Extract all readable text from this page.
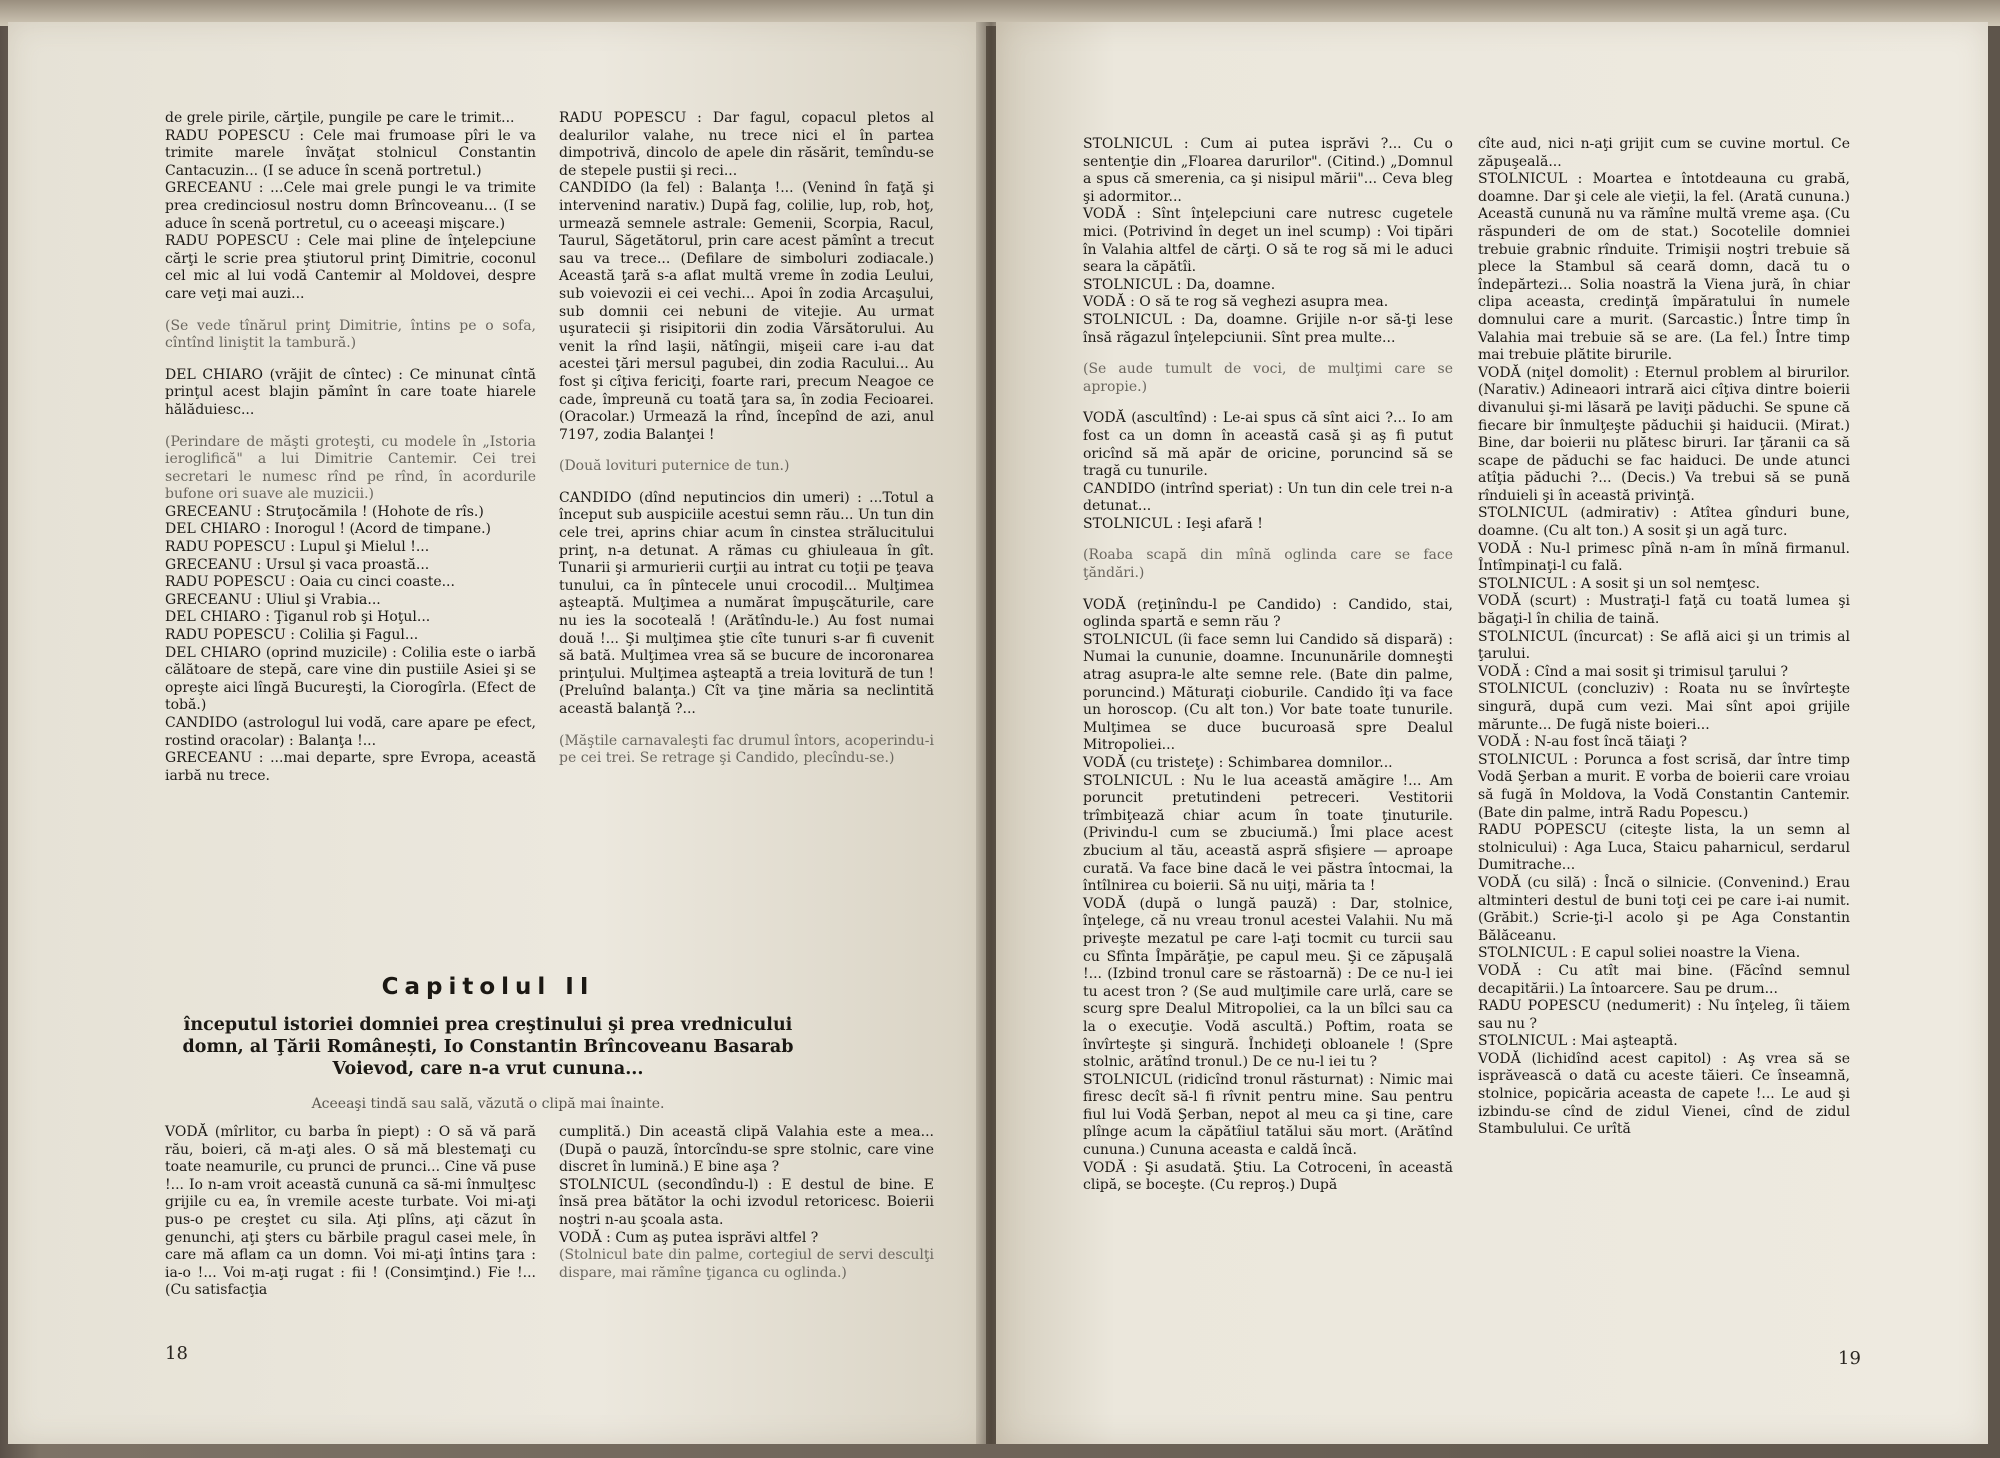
de grele pirile, cărţile, pungile pe care le trimit...

RADU POPESCU : Cele mai frumoase pîri le va trimite marele învăţat stolnicul Constantin Cantacuzin... (I se aduce în scenă portretul.)

GRECEANU : ...Cele mai grele pungi le va trimite prea credinciosul nostru domn Brîncoveanu... (I se aduce în scenă portretul, cu o aceeaşi mişcare.)

RADU POPESCU : Cele mai pline de înţelepciune cărţi le scrie prea ştiutorul prinţ Dimitrie, coconul cel mic al lui vodă Cantemir al Moldovei, despre care veţi mai auzi...

(Se vede tînărul prinţ Dimitrie, întins pe o sofa, cîntînd liniştit la tambură.)

DEL CHIARO (vrăjit de cîntec) : Ce minunat cîntă prinţul acest blajin pămînt în care toate hiarele hălăduiesc...

(Perindare de măşti groteşti, cu modele în „Istoria ieroglifică" a lui Dimitrie Cantemir. Cei trei secretari le numesc rînd pe rînd, în acordurile bufone ori suave ale muzicii.)

GRECEANU : Struţocămila ! (Hohote de rîs.)

DEL CHIARO : Inorogul ! (Acord de timpane.)

RADU POPESCU : Lupul şi Mielul !...

GRECEANU : Ursul şi vaca proastă...

RADU POPESCU : Oaia cu cinci coaste...

GRECEANU : Uliul şi Vrabia...

DEL CHIARO : Ţiganul rob şi Hoţul...

RADU POPESCU : Colilia şi Fagul...

DEL CHIARO (oprind muzicile) : Colilia este o iarbă călătoare de stepă, care vine din pustiile Asiei şi se opreşte aici lîngă Bucureşti, la Ciorogîrla. (Efect de tobă.)

CANDIDO (astrologul lui vodă, care apare pe efect, rostind oracolar) : Balanţa !...

GRECEANU : ...mai departe, spre Evropa, această iarbă nu trece.

RADU POPESCU : Dar fagul, copacul pletos al dealurilor valahe, nu trece nici el în partea dimpotrivă, dincolo de apele din răsărit, temîndu-se de stepele pustii şi reci...

CANDIDO (la fel) : Balanţa !... (Venind în faţă şi intervenind narativ.) După fag, colilie, lup, rob, hoţ, urmează semnele astrale: Gemenii, Scorpia, Racul, Taurul, Săgetătorul, prin care acest pămînt a trecut sau va trece... (Defilare de simboluri zodiacale.) Această ţară s-a aflat multă vreme în zodia Leului, sub voievozii ei cei vechi... Apoi în zodia Arcaşului, sub domnii cei nebuni de vitejie. Au urmat uşuratecii şi risipitorii din zodia Vărsătorului. Au venit la rînd laşii, nătîngii, mişeii care i-au dat acestei ţări mersul pagubei, din zodia Racului... Au fost şi cîţiva fericiţi, foarte rari, precum Neagoe ce cade, împreună cu toată ţara sa, în zodia Fecioarei. (Oracolar.) Urmează la rînd, începînd de azi, anul 7197, zodia Balanţei !

(Două lovituri puternice de tun.)

CANDIDO (dînd neputincios din umeri) : ...Totul a început sub auspiciile acestui semn rău... Un tun din cele trei, aprins chiar acum în cinstea strălucitului prinţ, n-a detunat. A rămas cu ghiuleaua în gît. Tunarii şi armurierii curţii au intrat cu toţii pe ţeava tunului, ca în pîntecele unui crocodil... Mulţimea aşteaptă. Mulţimea a numărat împuşcăturile, care nu ies la socoteală ! (Arătîndu-le.) Au fost numai două !... Şi mulţimea ştie cîte tunuri s-ar fi cuvenit să bată. Mulţimea vrea să se bucure de incoronarea prinţului. Mulţimea aşteaptă a treia lovitură de tun ! (Preluînd balanţa.) Cît va ţine măria sa neclintită această balanţă ?...

(Măştile carnavaleşti fac drumul întors, acoperindu-i pe cei trei. Se retrage şi Candido, plecîndu-se.)

Capitolul II
începutul istoriei domniei prea creştinului şi prea vrednicului domn, al Ţării Românești, Io Constantin Brîncoveanu Basarab Voievod, care n-a vrut cununa...
Aceeaşi tindă sau sală, văzută o clipă mai înainte.

VODĂ (mîrlitor, cu barba în piept) : O să vă pară rău, boieri, că m-aţi ales. O să mă blestemaţi cu toate neamurile, cu prunci de prunci... Cine vă puse !... Io n-am vroit această cunună ca să-mi înmulţesc grijile cu ea, în vremile aceste turbate. Voi mi-aţi pus-o pe creştet cu sila. Aţi plîns, aţi căzut în genunchi, aţi şters cu bărbile pragul casei mele, în care mă aflam ca un domn. Voi mi-aţi întins ţara : ia-o !... Voi m-aţi rugat : fii ! (Consimţind.) Fie !... (Cu satisfacţia

cumplită.) Din această clipă Valahia este a mea... (După o pauză, întorcîndu-se spre stolnic, care vine discret în lumină.) E bine aşa ?

STOLNICUL (secondîndu-l) : E destul de bine. E însă prea bătător la ochi izvodul retoricesc. Boierii noştri n-au şcoala asta.

VODĂ : Cum aş putea isprăvi altfel ?

(Stolnicul bate din palme, cortegiul de servi desculţi dispare, mai rămîne ţiganca cu oglinda.)

18

STOLNICUL : Cum ai putea isprăvi ?... Cu o sentenţie din „Floarea darurilor". (Citind.) „Domnul a spus că smerenia, ca şi nisipul mării"... Ceva bleg şi adormitor...

VODĂ : Sînt înţelepciuni care nutresc cugetele mici. (Potrivind în deget un inel scump) : Voi tipări în Valahia altfel de cărţi. O să te rog să mi le aduci seara la căpătîi.

STOLNICUL : Da, doamne.

VODĂ : O să te rog să veghezi asupra mea.

STOLNICUL : Da, doamne. Grijile n-or să-ţi lese însă răgazul înţelepciunii. Sînt prea multe...

(Se aude tumult de voci, de mulţimi care se apropie.)

VODĂ (ascultînd) : Le-ai spus că sînt aici ?... Io am fost ca un domn în această casă şi aş fi putut oricînd să mă apăr de oricine, poruncind să se tragă cu tunurile.

CANDIDO (intrînd speriat) : Un tun din cele trei n-a detunat...

STOLNICUL : Ieşi afară !

(Roaba scapă din mînă oglinda care se face ţăndări.)

VODĂ (reţinîndu-l pe Candido) : Candido, stai, oglinda spartă e semn rău ?

STOLNICUL (îi face semn lui Candido să dispară) : Numai la cununie, doamne. Incununările domneşti atrag asupra-le alte semne rele. (Bate din palme, poruncind.) Măturaţi cioburile. Candido îţi va face un horoscop. (Cu alt ton.) Vor bate toate tunurile. Mulţimea se duce bucuroasă spre Dealul Mitropoliei...

VODĂ (cu tristeţe) : Schimbarea domnilor...

STOLNICUL : Nu le lua această amăgire !... Am poruncit pretutindeni petreceri. Vestitorii trîmbiţează chiar acum în toate ţinuturile. (Privindu-l cum se zbuciumă.) Îmi place acest zbucium al tău, această aspră sfişiere — aproape curată. Va face bine dacă le vei păstra întocmai, la întîlnirea cu boierii. Să nu uiţi, măria ta !

VODĂ (după o lungă pauză) : Dar, stolnice, înţelege, că nu vreau tronul acestei Valahii. Nu mă priveşte mezatul pe care l-aţi tocmit cu turcii sau cu Sfînta Împărăţie, pe capul meu. Şi ce zăpuşală !... (Izbind tronul care se răstoarnă) : De ce nu-l iei tu acest tron ? (Se aud mulţimile care urlă, care se scurg spre Dealul Mitropoliei, ca la un bîlci sau ca la o execuţie. Vodă ascultă.) Poftim, roata se învîrteşte şi singură. Închideţi obloanele ! (Spre stolnic, arătînd tronul.) De ce nu-l iei tu ?

STOLNICUL (ridicînd tronul răsturnat) : Nimic mai firesc decît să-l fi rîvnit pentru mine. Sau pentru fiul lui Vodă Şerban, nepot al meu ca şi tine, care plînge acum la căpătîiul tatălui său mort. (Arătînd cununa.) Cununa aceasta e caldă încă.

VODĂ : Şi asudată. Ştiu. La Cotroceni, în această clipă, se boceşte. (Cu reproş.) După

cîte aud, nici n-aţi grijit cum se cuvine mortul. Ce zăpuşeală...

STOLNICUL : Moartea e întotdeauna cu grabă, doamne. Dar şi cele ale vieţii, la fel. (Arată cununa.) Această cunună nu va rămîne multă vreme aşa. (Cu răspunderi de om de stat.) Socotelile domniei trebuie grabnic rînduite. Trimişii noştri trebuie să plece la Stambul să ceară domn, dacă tu o îndepărtezi... Solia noastră la Viena jură, în chiar clipa aceasta, credinţă împăratului în numele domnului care a murit. (Sarcastic.) Între timp în Valahia mai trebuie să se are. (La fel.) Între timp mai trebuie plătite birurile.

VODĂ (niţel domolit) : Eternul problem al birurilor. (Narativ.) Adineaori intrară aici cîţiva dintre boierii divanului şi-mi lăsară pe laviţi păduchi. Se spune că fiecare bir înmulţeşte păduchii şi haiducii. (Mirat.) Bine, dar boierii nu plătesc biruri. Iar ţăranii ca să scape de păduchi se fac haiduci. De unde atunci atîţia păduchi ?... (Decis.) Va trebui să se pună rînduieli şi în această privinţă.

STOLNICUL (admirativ) : Atîtea gînduri bune, doamne. (Cu alt ton.) A sosit şi un agă turc.

VODĂ : Nu-l primesc pînă n-am în mînă firmanul. Întîmpinaţi-l cu fală.

STOLNICUL : A sosit şi un sol nemţesc.

VODĂ (scurt) : Mustraţi-l faţă cu toată lumea şi băgaţi-l în chilia de taină.

STOLNICUL (încurcat) : Se află aici şi un trimis al ţarului.

VODĂ : Cînd a mai sosit şi trimisul ţarului ?

STOLNICUL (concluziv) : Roata nu se învîrteşte singură, după cum vezi. Mai sînt apoi grijile mărunte... De fugă niste boieri...

VODĂ : N-au fost încă tăiaţi ?

STOLNICUL : Porunca a fost scrisă, dar între timp Vodă Şerban a murit. E vorba de boierii care vroiau să fugă în Moldova, la Vodă Constantin Cantemir. (Bate din palme, intră Radu Popescu.)

RADU POPESCU (citeşte lista, la un semn al stolnicului) : Aga Luca, Staicu paharnicul, serdarul Dumitrache...

VODĂ (cu silă) : Încă o silnicie. (Convenind.) Erau altminteri destul de buni toţi cei pe care i-ai numit. (Grăbit.) Scrie-ţi-l acolo şi pe Aga Constantin Bălăceanu.

STOLNICUL : E capul soliei noastre la Viena.

VODĂ : Cu atît mai bine. (Făcînd semnul decapitării.) La întoarcere. Sau pe drum...

RADU POPESCU (nedumerit) : Nu înţeleg, îi tăiem sau nu ?

STOLNICUL : Mai aşteaptă.

VODĂ (lichidînd acest capitol) : Aş vrea să se isprăvească o dată cu aceste tăieri. Ce înseamnă, stolnice, popicăria aceasta de capete !... Le aud şi izbindu-se cînd de zidul Vienei, cînd de zidul Stambulului. Ce urîtă

19
